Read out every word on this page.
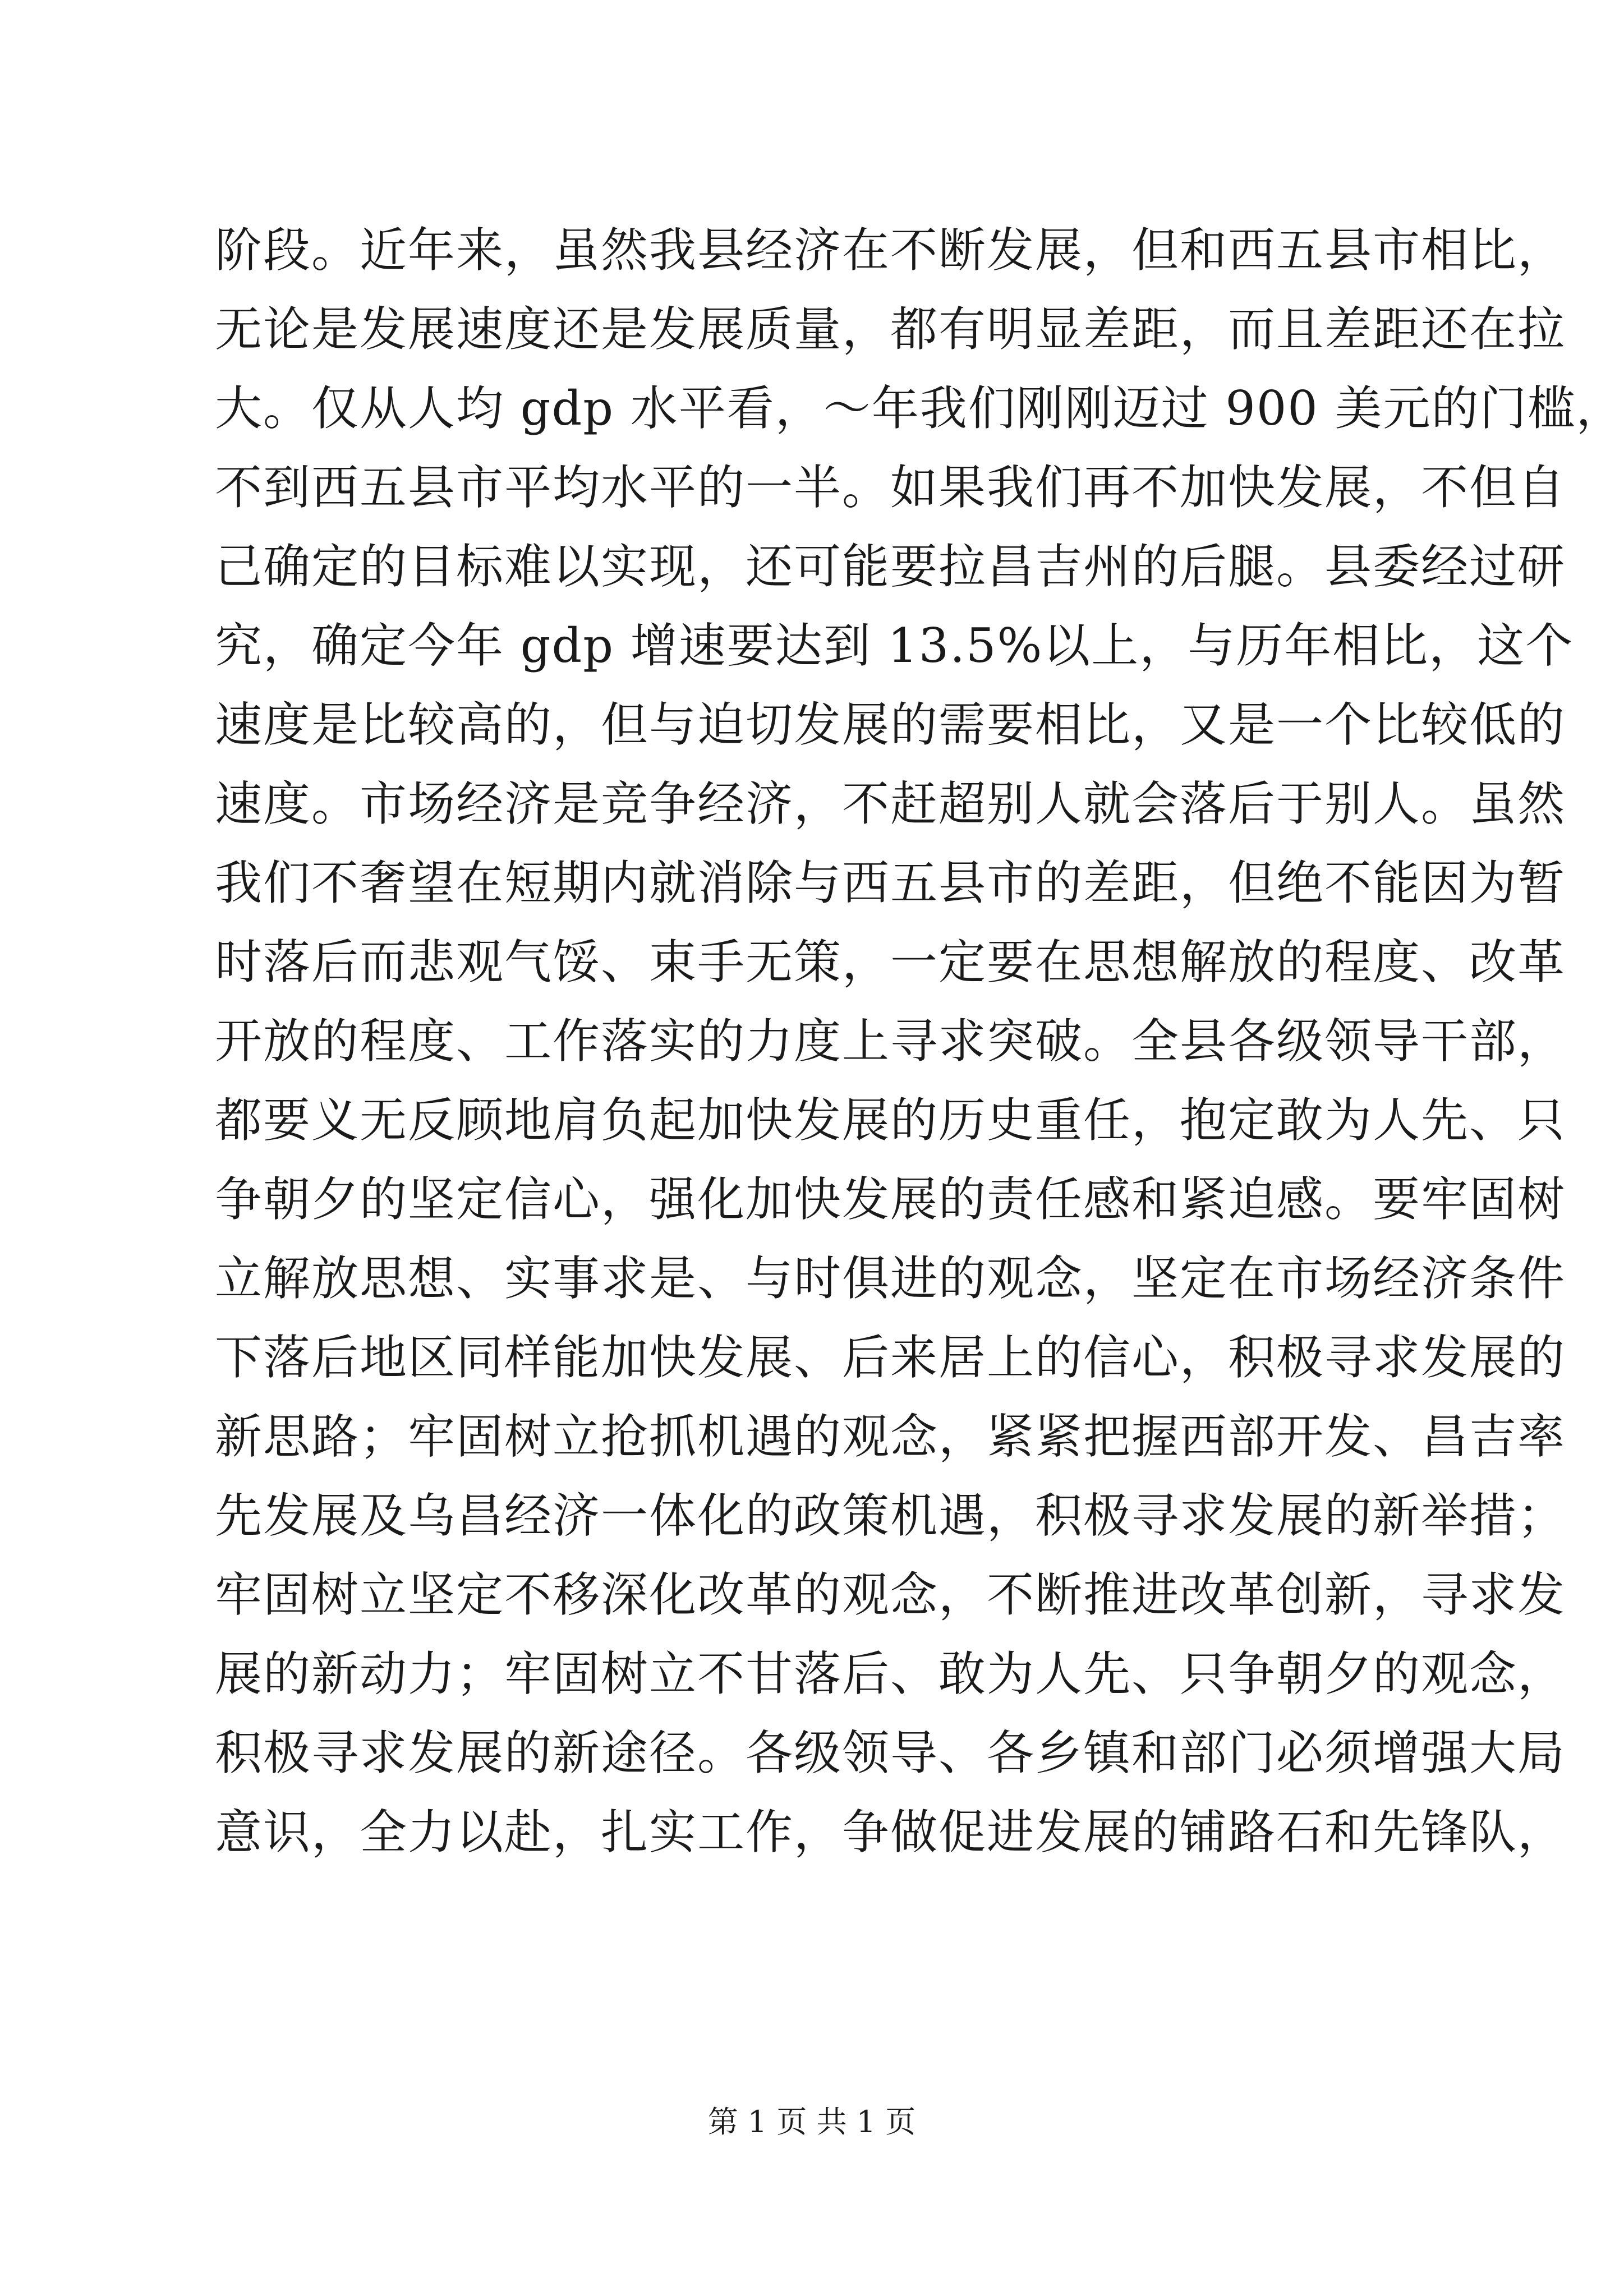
阶段。近年来，虽然我县经济在不断发展，但和西五县市相比，
无论是发展速度还是发展质量，都有明显差距，而且差距还在拉
大。仅从人均 gdp 水平看，～年我们刚刚迈过 900 美元的门槛，
不到西五县市平均水平的一半。如果我们再不加快发展，不但自
己确定的目标难以实现，还可能要拉昌吉州的后腿。县委经过研
究，确定今年 gdp 增速要达到 13.5%以上，与历年相比，这个
速度是比较高的，但与迫切发展的需要相比，又是一个比较低的
速度。市场经济是竞争经济，不赶超别人就会落后于别人。虽然
我们不奢望在短期内就消除与西五县市的差距，但绝不能因为暂
时落后而悲观气馁、束手无策，一定要在思想解放的程度、改革
开放的程度、工作落实的力度上寻求突破。全县各级领导干部，
都要义无反顾地肩负起加快发展的历史重任，抱定敢为人先、只
争朝夕的坚定信心，强化加快发展的责任感和紧迫感。要牢固树
立解放思想、实事求是、与时俱进的观念，坚定在市场经济条件
下落后地区同样能加快发展、后来居上的信心，积极寻求发展的
新思路；牢固树立抢抓机遇的观念，紧紧把握西部开发、昌吉率
先发展及乌昌经济一体化的政策机遇，积极寻求发展的新举措；
牢固树立坚定不移深化改革的观念，不断推进改革创新，寻求发
展的新动力；牢固树立不甘落后、敢为人先、只争朝夕的观念，
积极寻求发展的新途径。各级领导、各乡镇和部门必须增强大局
意识，全力以赴，扎实工作，争做促进发展的铺路石和先锋队，
第 1 页 共 1 页
